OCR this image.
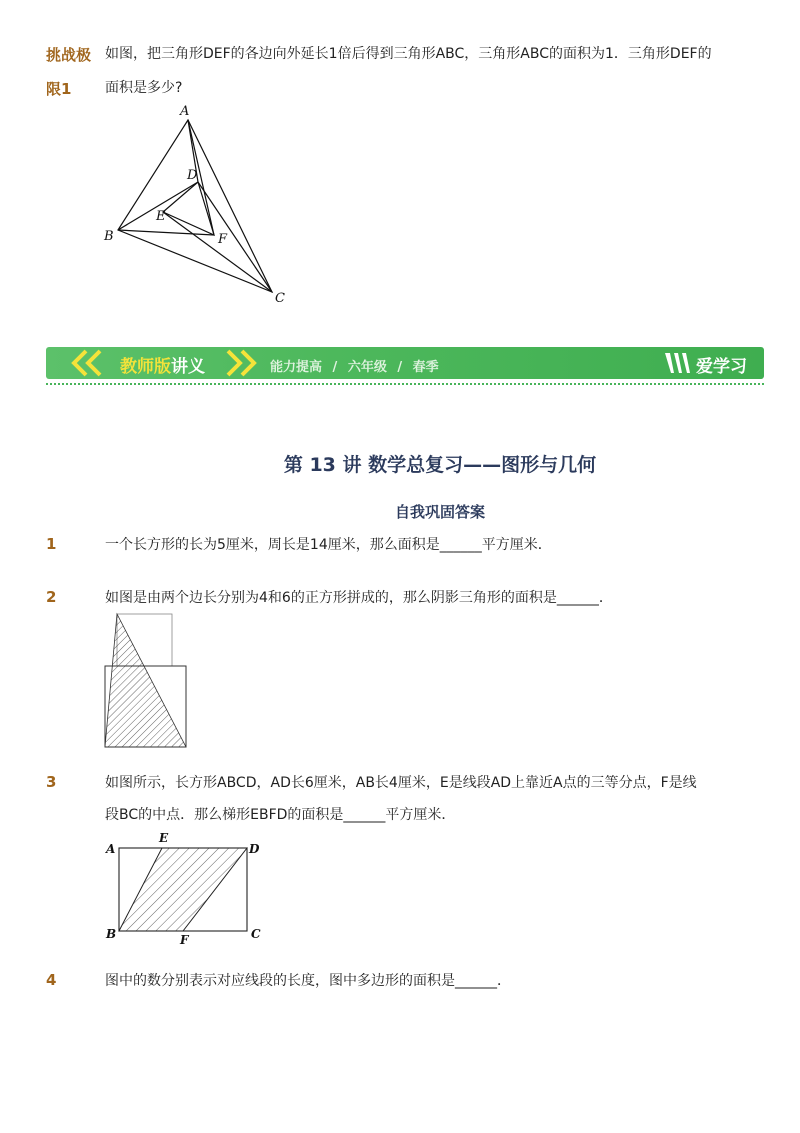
挑战极
限1
如图，把三角形DEF的各边向外延长1倍后得到三角形ABC，三角形ABC的面积为1．三角形DEF的
面积是多少?
A
B
C
D
E
F
教师版讲义	能力提高 / 六年级 / 春季	爱学习
第 13 讲 数学总复习——图形与几何
自我巩固答案
1	一个长方形的长为5厘米，周长是14厘米，那么面积是______平方厘米．
2	如图是由两个边长分别为4和6的正方形拼成的，那么阴影三角形的面积是______．
3	如图所示，长方形ABCD，AD长6厘米，AB长4厘米，E是线段AD上靠近A点的三等分点，F是线
段BC的中点．那么梯形EBFD的面积是______平方厘米．
A
B	C
D
E
F
4	图中的数分别表示对应线段的长度，图中多边形的面积是______．
